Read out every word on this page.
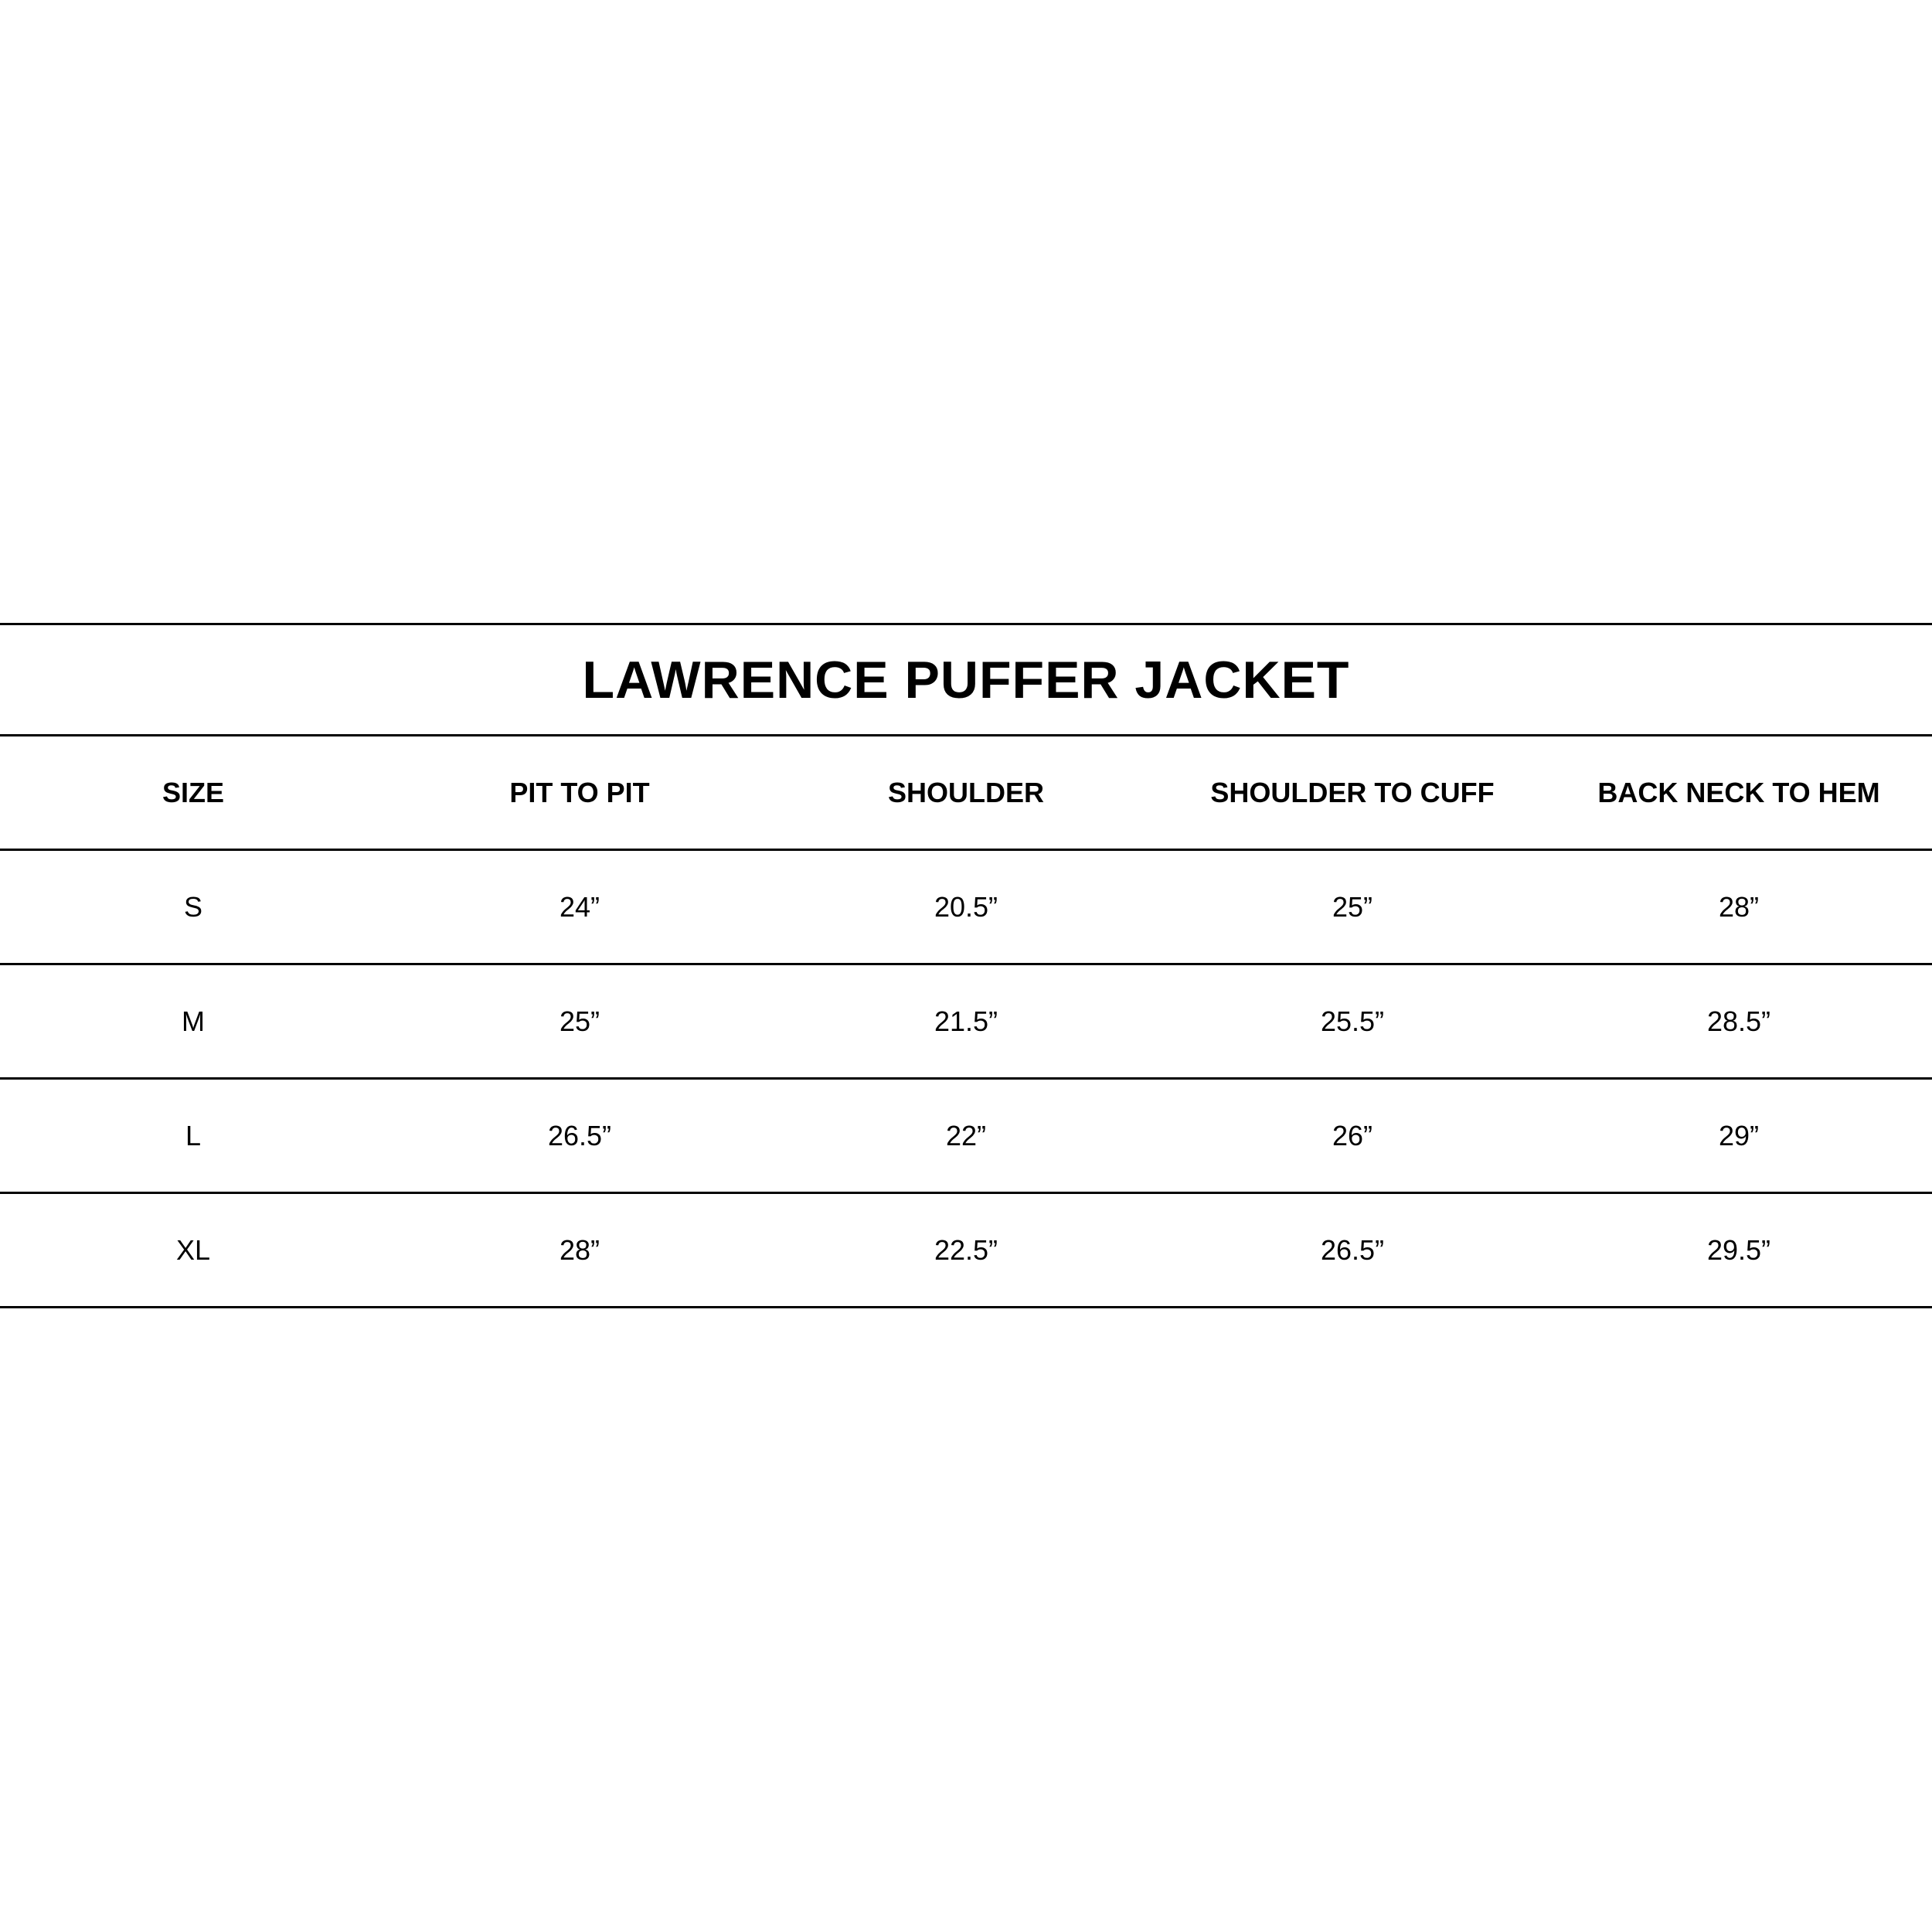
LAWRENCE PUFFER JACKET
SIZE	PIT TO PIT	SHOULDER	SHOULDER TO CUFF	BACK NECK TO HEM
S	24”	20.5”	25”	28”
M	25”	21.5”	25.5”	28.5”
L	26.5”	22”	26”	29”
XL	28”	22.5”	26.5”	29.5”
